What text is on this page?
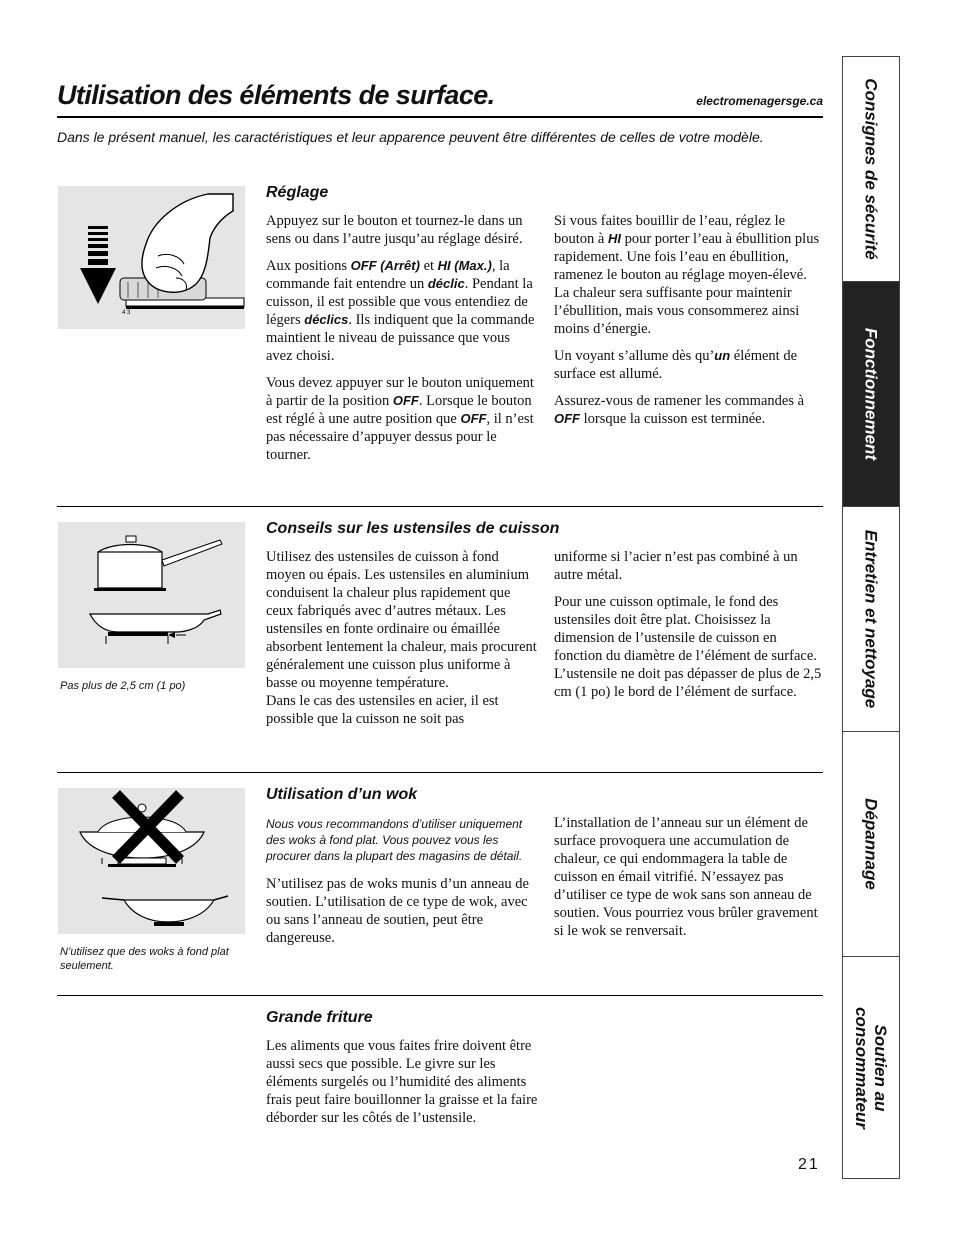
Utilisation des éléments de surface.	electromenagersge.ca
Dans le présent manuel, les caractéristiques et leur apparence peuvent être différentes de celles de votre modèle.
4 3
Réglage

Appuyez sur le bouton et tournez-le dans un sens ou dans l’autre jusqu’au réglage désiré.

Aux positions OFF (Arrêt) et HI (Max.), la commande fait entendre un déclic. Pendant la cuisson, il est possible que vous entendiez de légers déclics. Ils indiquent que la commande maintient le niveau de puissance que vous avez choisi.

Vous devez appuyer sur le bouton uniquement à partir de la position OFF. Lorsque le bouton est réglé à une autre position que OFF, il n’est pas nécessaire d’appuyer dessus pour le tourner.

Si vous faites bouillir de l’eau, réglez le bouton à HI pour porter l’eau à ébullition plus rapidement. Une fois l’eau en ébullition, ramenez le bouton au réglage moyen-élevé. La chaleur sera suffisante pour maintenir l’ébullition, mais vous consommerez ainsi moins d’énergie.

Un voyant s’allume dès qu’un élément de surface est allumé.

Assurez-vous de ramener les commandes à OFF lorsque la cuisson est terminée.

Pas plus de 2,5 cm (1 po)
Conseils sur les ustensiles de cuisson

Utilisez des ustensiles de cuisson à fond moyen ou épais. Les ustensiles en aluminium conduisent la chaleur plus rapidement que ceux fabriqués avec d’autres métaux. Les ustensiles en fonte ordinaire ou émaillée absorbent lentement la chaleur, mais procurent généralement une cuisson plus uniforme à basse ou moyenne température.

Dans le cas des ustensiles en acier, il est possible que la cuisson ne soit pas

uniforme si l’acier n’est pas combiné à un autre métal.

Pour une cuisson optimale, le fond des ustensiles doit être plat. Choisissez la dimension de l’ustensile de cuisson en fonction du diamètre de l’élément de surface. L’ustensile ne doit pas dépasser de plus de 2,5 cm (1 po) le bord de l’élément de surface.

N’utilisez que des woks à fond plat seulement.
Utilisation d’un wok

Nous vous recommandons d’utiliser uniquement des woks à fond plat. Vous pouvez vous les procurer dans la plupart des magasins de détail.

N’utilisez pas de woks munis d’un anneau de soutien. L’utilisation de ce type de wok, avec ou sans l’anneau de soutien, peut être dangereuse.

L’installation de l’anneau sur un élément de surface provoquera une accumulation de chaleur, ce qui endommagera la table de cuisson en émail vitrifié. N’essayez pas d’utiliser ce type de wok sans son anneau de soutien. Vous pourriez vous brûler gravement si le wok se renversait.

Grande friture

Les aliments que vous faites frire doivent être aussi secs que possible. Le givre sur les éléments surgelés ou l’humidité des aliments frais peut faire bouillonner la graisse et la faire déborder sur les côtés de l’ustensile.

Consignes de sécurité
Fonctionnement
Entretien et nettoyage
Dépannage
Soutien au consommateur
21
